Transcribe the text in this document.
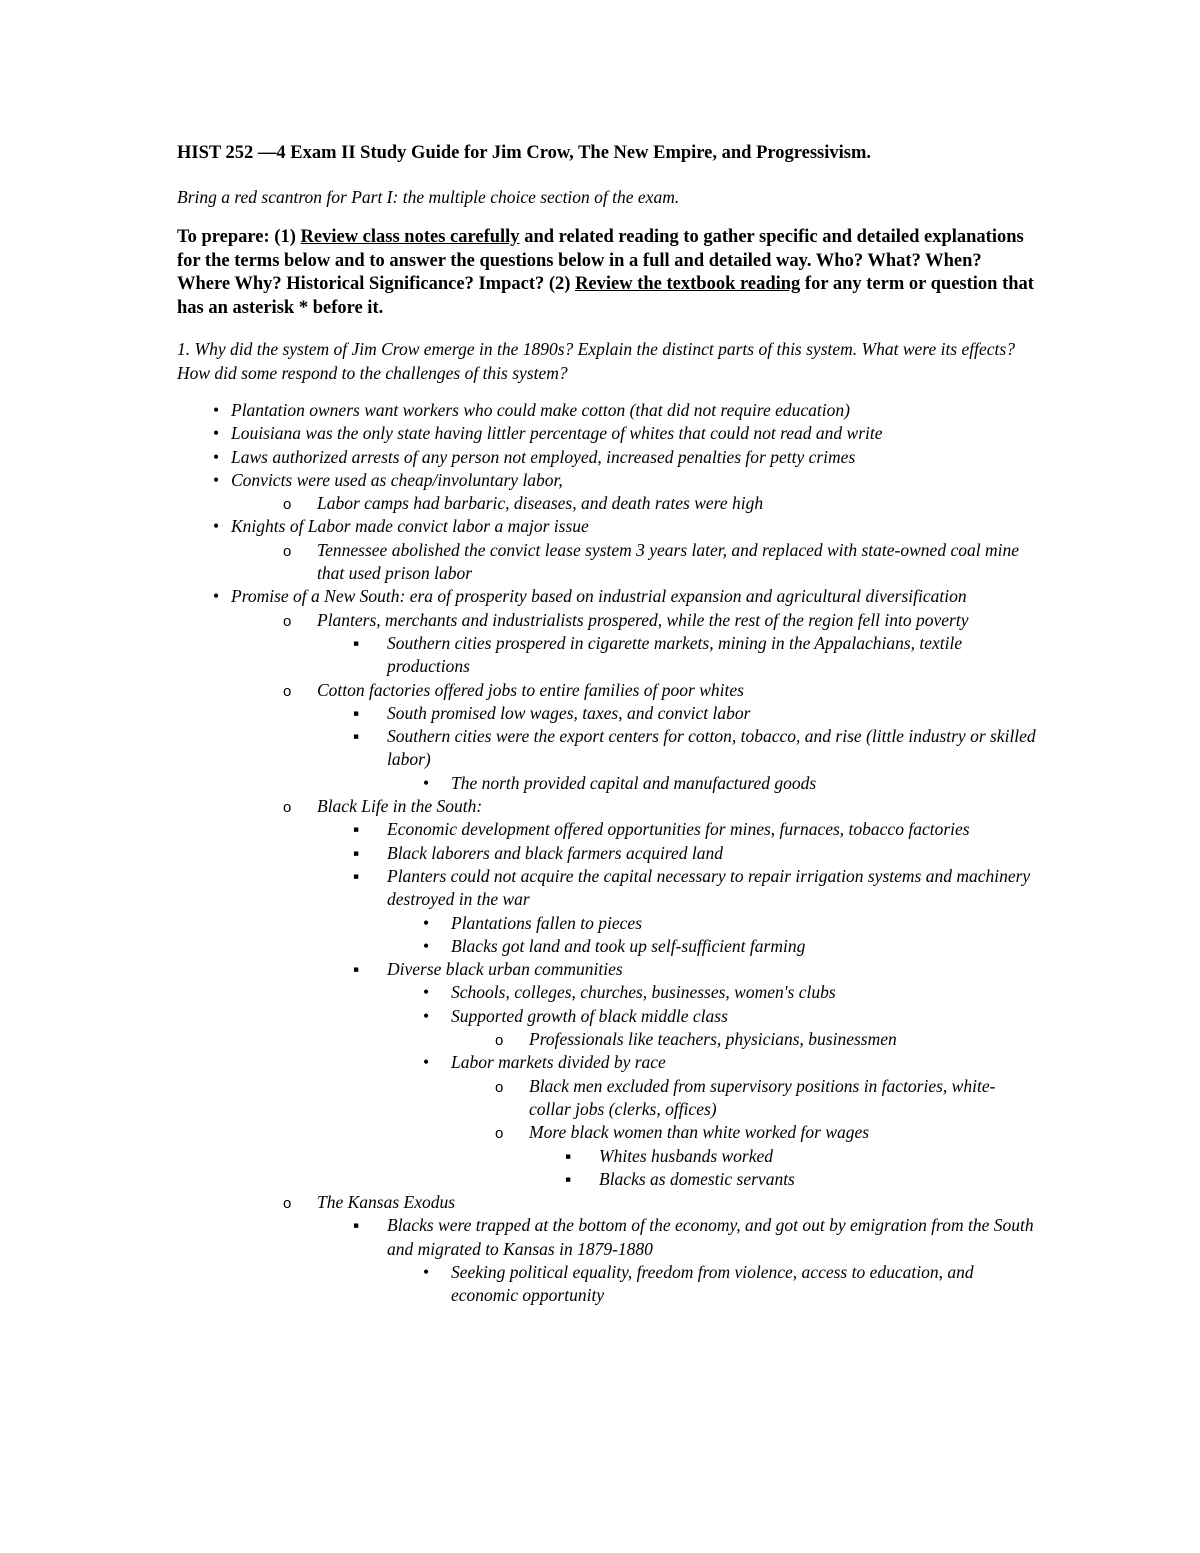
HIST 252 —4 Exam II Study Guide for Jim Crow, The New Empire, and Progressivism.
Bring a red scantron for Part I: the multiple choice section of the exam.
To prepare: (1) Review class notes carefully and related reading to gather specific and detailed explanations for the terms below and to answer the questions below in a full and detailed way. Who? What? When? Where Why? Historical Significance? Impact? (2) Review the textbook reading for any term or question that has an asterisk * before it.
1. Why did the system of Jim Crow emerge in the 1890s? Explain the distinct parts of this system. What were its effects? How did some respond to the challenges of this system?
•
Plantation owners want workers who could make cotton (that did not require education)
•
Louisiana was the only state having littler percentage of whites that could not read and write
•
Laws authorized arrests of any person not employed, increased penalties for petty crimes
•
Convicts were used as cheap/involuntary labor,
o
Labor camps had barbaric, diseases, and death rates were high
•
Knights of Labor made convict labor a major issue
o
Tennessee abolished the convict lease system 3 years later, and replaced with state-owned coal mine that used prison labor
•
Promise of a New South: era of prosperity based on industrial expansion and agricultural diversification
o
Planters, merchants and industrialists prospered, while the rest of the region fell into poverty
▪
Southern cities prospered in cigarette markets, mining in the Appalachians, textile productions
o
Cotton factories offered jobs to entire families of poor whites
▪
South promised low wages, taxes, and convict labor
▪
Southern cities were the export centers for cotton, tobacco, and rise (little industry or skilled labor)
•
The north provided capital and manufactured goods
o
Black Life in the South:
▪
Economic development offered opportunities for mines, furnaces, tobacco factories
▪
Black laborers and black farmers acquired land
▪
Planters could not acquire the capital necessary to repair irrigation systems and machinery destroyed in the war
•
Plantations fallen to pieces
•
Blacks got land and took up self-sufficient farming
▪
Diverse black urban communities
•
Schools, colleges, churches, businesses, women's clubs
•
Supported growth of black middle class
o
Professionals like teachers, physicians, businessmen
•
Labor markets divided by race
o
Black men excluded from supervisory positions in factories, white-collar jobs (clerks, offices)
o
More black women than white worked for wages
▪
Whites husbands worked
▪
Blacks as domestic servants
o
The Kansas Exodus
▪
Blacks were trapped at the bottom of the economy, and got out by emigration from the South and migrated to Kansas in 1879-1880
•
Seeking political equality, freedom from violence, access to education, and economic opportunity
